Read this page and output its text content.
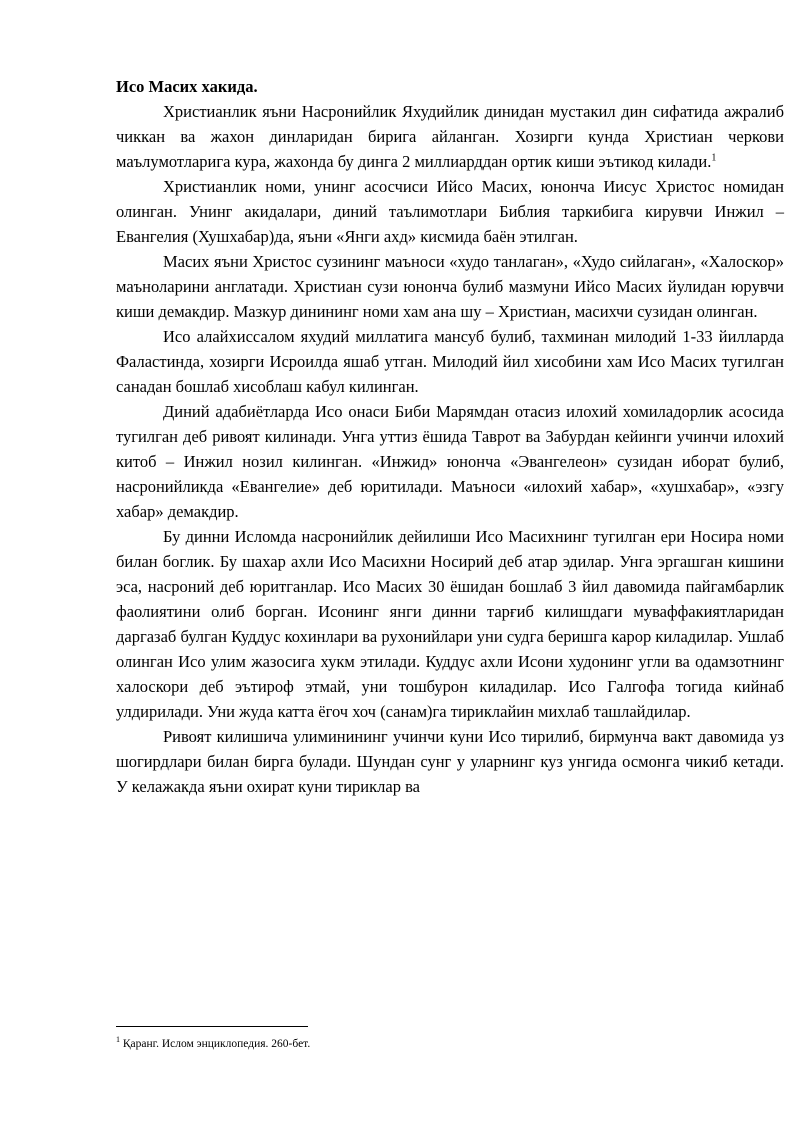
Исо Масих хакида.

Христианлик яъни Насронийлик Яхудийлик динидан мустакил дин сифатида ажралиб чиккан ва жахон динларидан бирига айланган. Хозирги кунда Христиан черкови маълумотларига кура, жахонда бу динга 2 миллиарддан ортик киши эътикод килади.$^1$

Христианлик номи, унинг асосчиси Ийсо Масих, юнонча Иисус Христос номидан олинган. Унинг акидалари, диний таълимотлари Библия таркибига кирувчи Инжил – Евангелия (Хушхабар)да, яъни «Янги ахд» кисмида баён этилган.

Масих яъни Христос сузининг маъноси «худо танлаган», «Худо сийлаган», «Халоскор» маъноларини англатади. Христиан сузи юнонча булиб мазмуни Ийсо Масих йулидан юрувчи киши демакдир. Мазкур динининг номи хам ана шу – Христиан, масихчи сузидан олинган.

Исо алайхиссалом яхудий миллатига мансуб булиб, тахминан милодий 1-33 йилларда Фаластинда, хозирги Исроилда яшаб утган. Милодий йил хисобини хам Исо Масих тугилган санадан бошлаб хисоблаш кабул килинган.

Диний адабиётларда Исо онаси Биби Марямдан отасиз илохий хомиладорлик асосида тугилган деб ривоят килинади. Унга уттиз ёшида Таврот ва Забурдан кейинги учинчи илохий китоб – Инжил нозил килинган. «Инжид» юнонча «Эвангелеон» сузидан иборат булиб, насронийликда «Евангелие» деб юритилади. Маъноси «илохий хабар», «хушхабар», «эзгу хабар» демакдир.

Бу динни Исломда насронийлик дейилиши Исо Масихнинг тугилган ери Носира номи билан боглик. Бу шахар ахли Исо Масихни Носирий деб атар эдилар. Унга эргашган кишини эса, насроний деб юритганлар. Исо Масих 30 ёшидан бошлаб 3 йил давомида пайгамбарлик фаолиятини олиб борган. Исонинг янги динни тарғиб килишдаги муваффакиятларидан даргазаб булган Куддус кохинлари ва рухонийлари уни судга беришга карор киладилар. Ушлаб олинган Исо улим жазосига хукм этилади. Куддус ахли Исони худонинг угли ва одамзотнинг халоскори деб эътироф этмай, уни тошбурон киладилар. Исо Галгофа тогида кийнаб улдирилади. Уни жуда катта ёгоч хоч (санам)га тириклайин михлаб ташлайдилар.

Ривоят килишича улиминининг учинчи куни Исо тирилиб, бирмунча вакт давомида уз шогирдлари билан бирга булади. Шундан сунг у уларнинг куз унгида осмонга чикиб кетади. У келажакда яъни охират куни тириклар ва

$^1$ Қаранг. Ислом энциклопедия. 260-бет.
